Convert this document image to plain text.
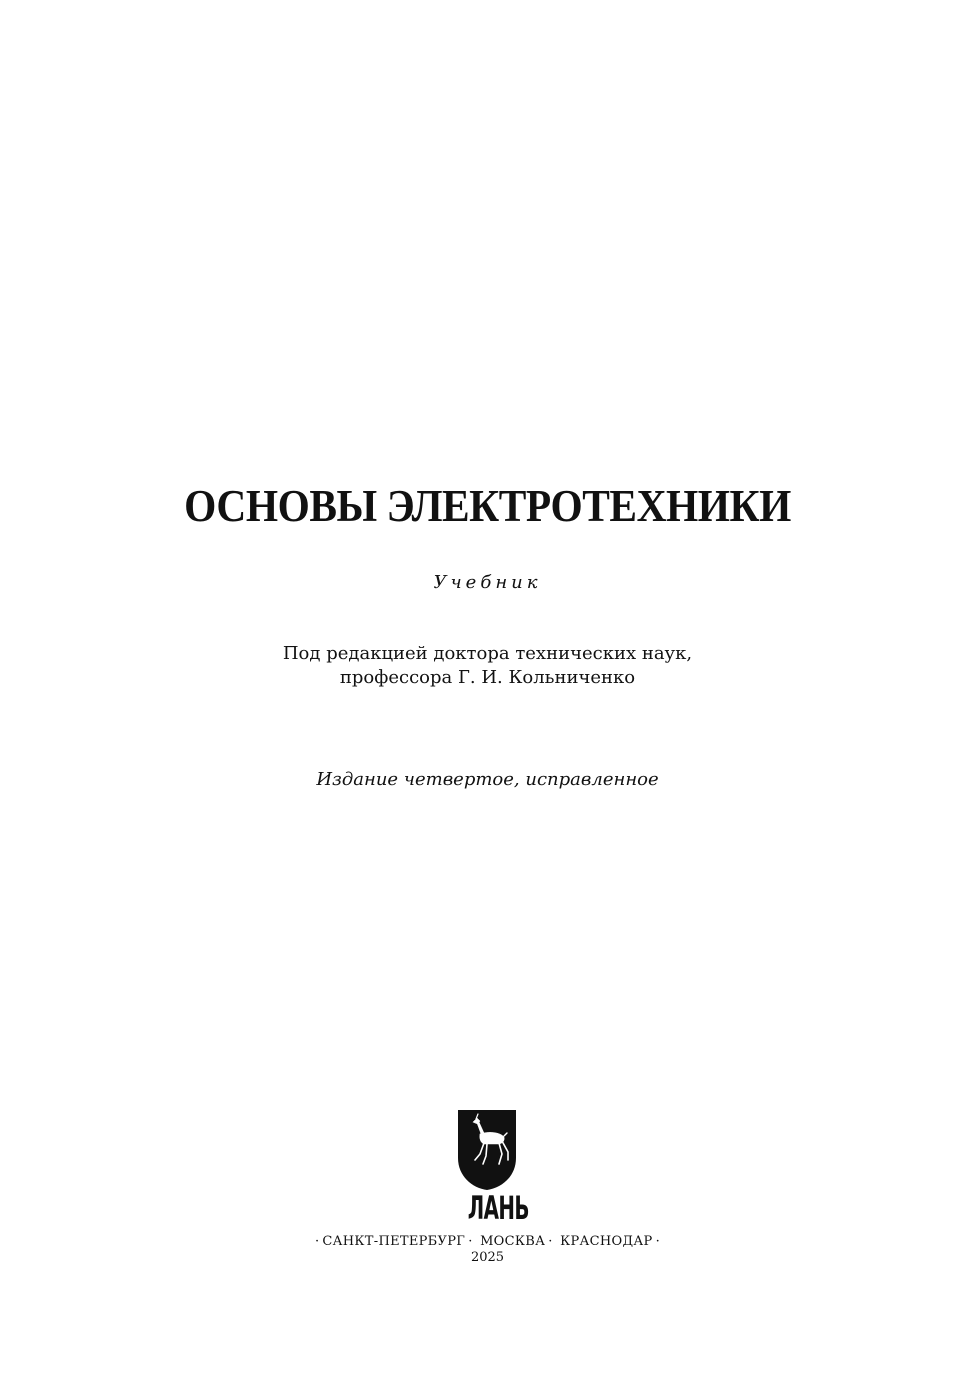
ОСНОВЫ ЭЛЕКТРОТЕХНИКИ
Учебник
Под редакцией доктора технических наук,
профессора Г. И. Кольниченко
Издание четвертое, исправленное
ЛАНЬ
· САНКТ-ПЕТЕРБУРГ · МОСКВА · КРАСНОДАР ·
2025
